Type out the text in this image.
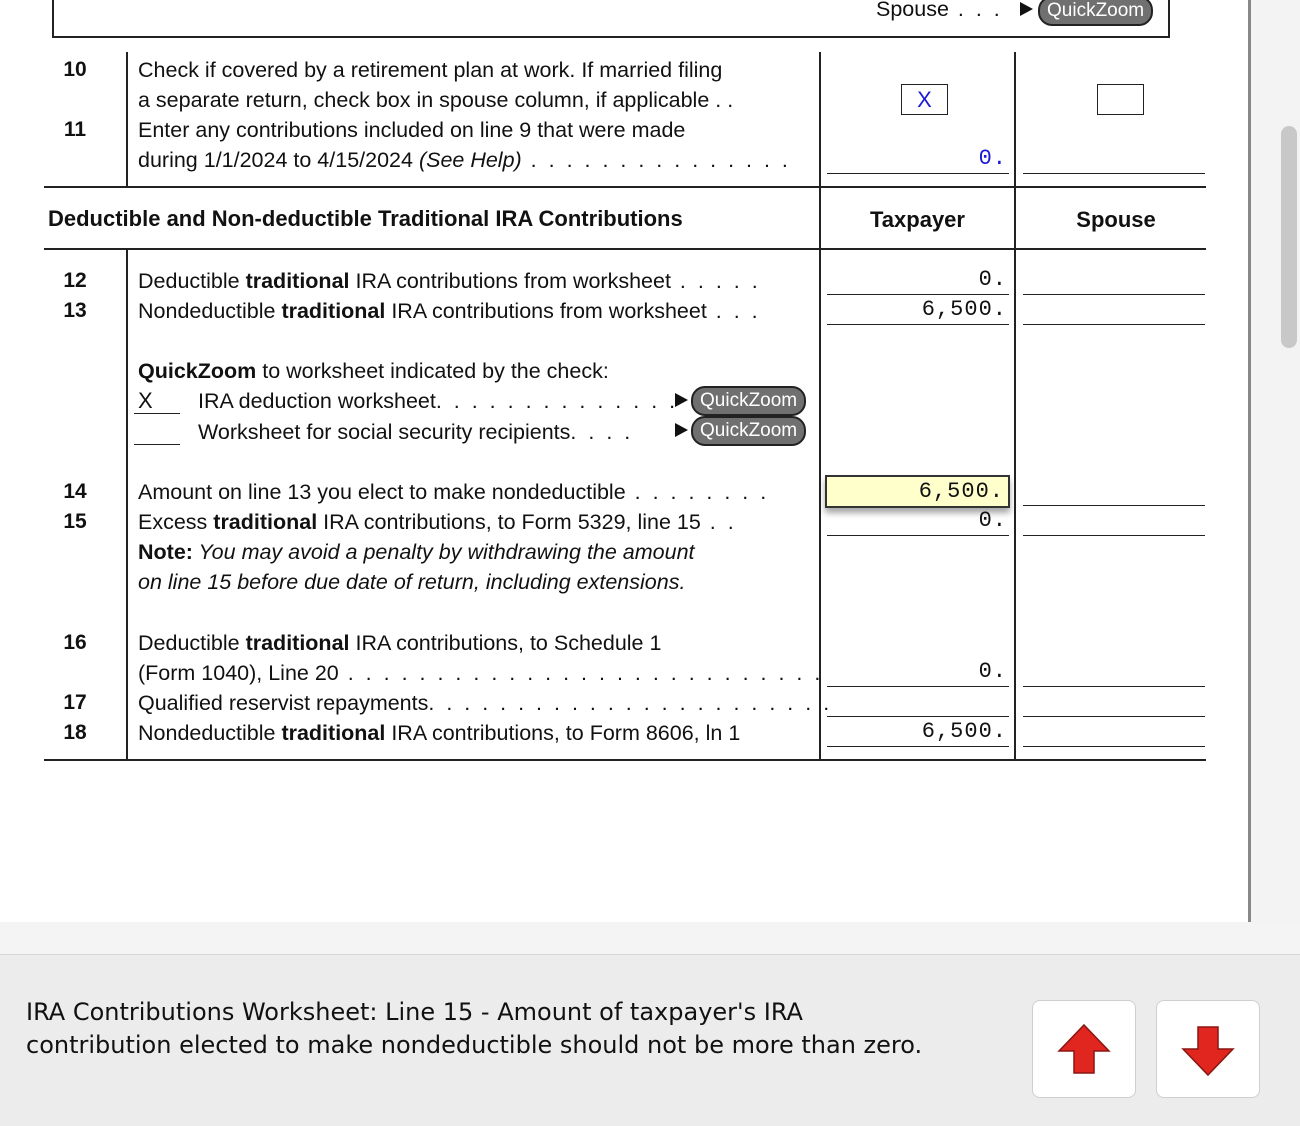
Spouse . . .	QuickZoom
10	Check if covered by a retirement plan at work. If married filing
a separate return, check box in spouse column, if applicable . .	X
11	Enter any contributions included on line 9 that were made
during 1/1/2024 to 4/15/2024 (See Help) . . . . . . . . . . . . . . .	0.
Deductible and Non-deductible Traditional IRA Contributions	Taxpayer	Spouse
12	Deductible traditional IRA contributions from worksheet . . . . .	0.
13	Nondeductible traditional IRA contributions from worksheet . . .	6,500.
QuickZoom to worksheet indicated by the check:
X	IRA deduction worksheet. . . . . . . . . . . . . .	QuickZoom
Worksheet for social security recipients. . . .	QuickZoom
14	Amount on line 13 you elect to make nondeductible . . . . . . . .	6,500.
15	Excess traditional IRA contributions, to Form 5329, line 15 . .	0.
Note: You may avoid a penalty by withdrawing the amount
on line 15 before due date of return, including extensions.
16	Deductible traditional IRA contributions, to Schedule 1
(Form 1040), Line 20 . . . . . . . . . . . . . . . . . . . . . . . . . . .	0.
17	Qualified reservist repayments. . . . . . . . . . . . . . . . . . . . . . .
18	Nondeductible traditional IRA contributions, to Form 8606, ln 1	6,500.
IRA Contributions Worksheet: Line 15 - Amount of taxpayer's IRA contribution elected to make nondeductible should not be more than zero.
